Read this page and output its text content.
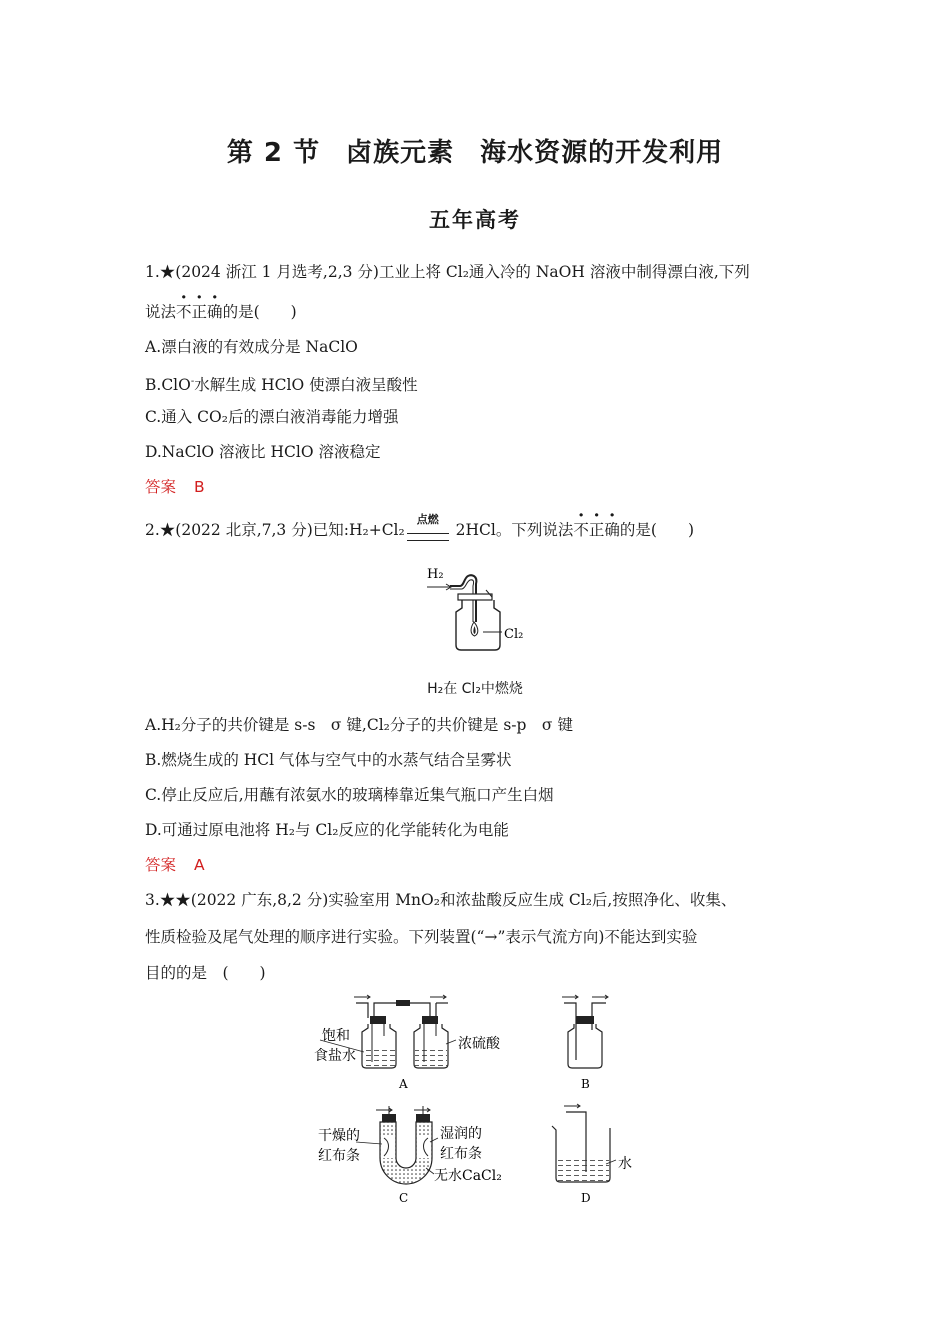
第 2 节 卤族元素 海水资源的开发利用
五年高考
1.★(2024 浙江 1 月选考,2,3 分)工业上将 Cl₂通入冷的 NaOH 溶液中制得漂白液,下列
说法不正确的是(　　)
A.漂白液的有效成分是 NaClO
B.ClO-水解生成 HClO 使漂白液呈酸性
C.通入 CO₂后的漂白液消毒能力增强
D.NaClO 溶液比 HClO 溶液稳定
答案 B
2.★(2022 北京,7,3 分)已知:H₂+Cl₂
点燃
2HCl。下列说法不正确的是(　　)
H₂
Cl₂
H₂在 Cl₂中燃烧
A.H₂分子的共价键是 s-s　σ 键,Cl₂分子的共价键是 s-p　σ 键
B.燃烧生成的 HCl 气体与空气中的水蒸气结合呈雾状
C.停止反应后,用蘸有浓氨水的玻璃棒靠近集气瓶口产生白烟
D.可通过原电池将 H₂与 Cl₂反应的化学能转化为电能
答案 A
3.★★(2022 广东,8,2 分)实验室用 MnO₂和浓盐酸反应生成 Cl₂后,按照净化、收集、
性质检验及尾气处理的顺序进行实验。下列装置(“→”表示气流方向)不能达到实验
目的的是　(　　)
饱和
食盐水
浓硫酸
A	B
干燥的
红布条
湿润的
红布条
无水CaCl₂
C
水
D
